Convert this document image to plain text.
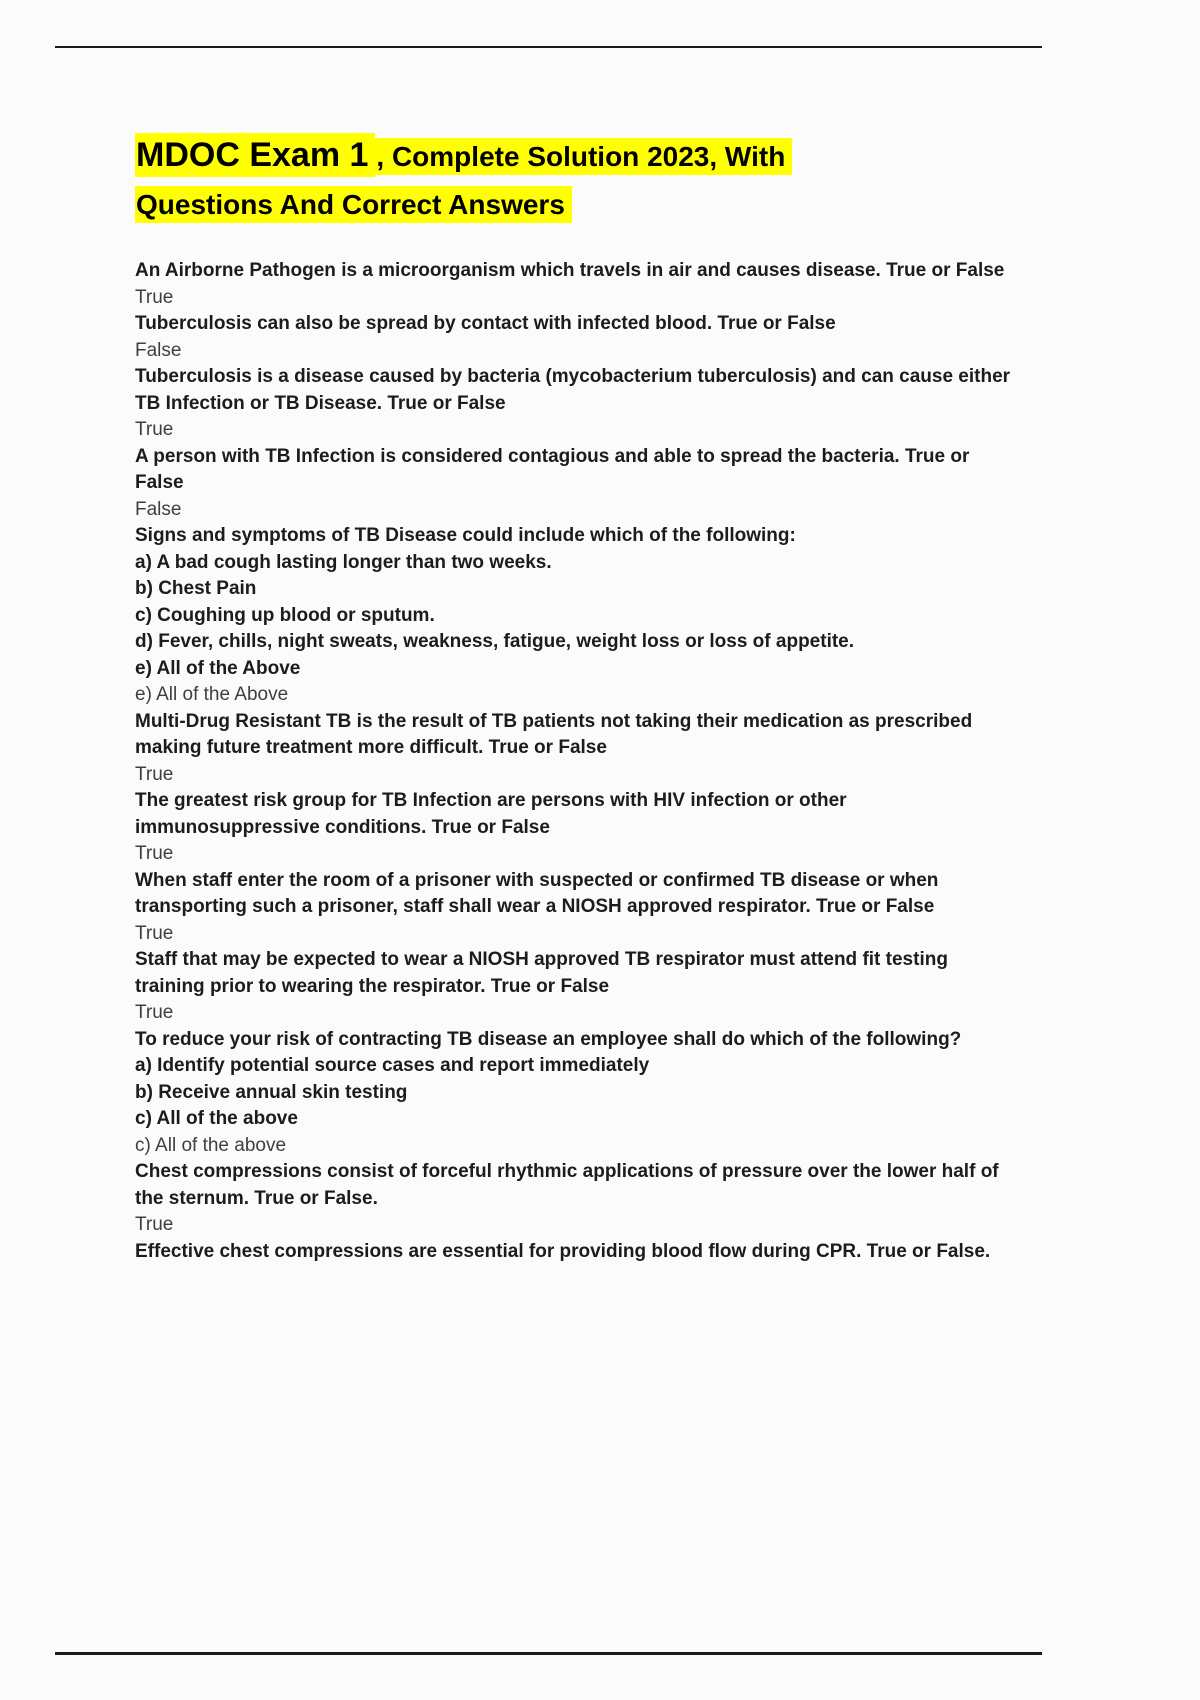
MDOC Exam 1 , Complete Solution 2023, With
Questions And Correct Answers
An Airborne Pathogen is a microorganism which travels in air and causes disease. True or False
True
Tuberculosis can also be spread by contact with infected blood. True or False
False
Tuberculosis is a disease caused by bacteria (mycobacterium tuberculosis) and can cause either TB Infection or TB Disease. True or False
True
A person with TB Infection is considered contagious and able to spread the bacteria. True or False
False
Signs and symptoms of TB Disease could include which of the following:
a) A bad cough lasting longer than two weeks.
b) Chest Pain
c) Coughing up blood or sputum.
d) Fever, chills, night sweats, weakness, fatigue, weight loss or loss of appetite.
e) All of the Above
e) All of the Above
Multi-Drug Resistant TB is the result of TB patients not taking their medication as prescribed making future treatment more difficult. True or False
True
The greatest risk group for TB Infection are persons with HIV infection or other immunosuppressive conditions. True or False
True
When staff enter the room of a prisoner with suspected or confirmed TB disease or when transporting such a prisoner, staff shall wear a NIOSH approved respirator. True or False
True
Staff that may be expected to wear a NIOSH approved TB respirator must attend fit testing training prior to wearing the respirator. True or False
True
To reduce your risk of contracting TB disease an employee shall do which of the following?
a) Identify potential source cases and report immediately
b) Receive annual skin testing
c) All of the above
c) All of the above
Chest compressions consist of forceful rhythmic applications of pressure over the lower half of the sternum. True or False.
True
Effective chest compressions are essential for providing blood flow during CPR. True or False.
